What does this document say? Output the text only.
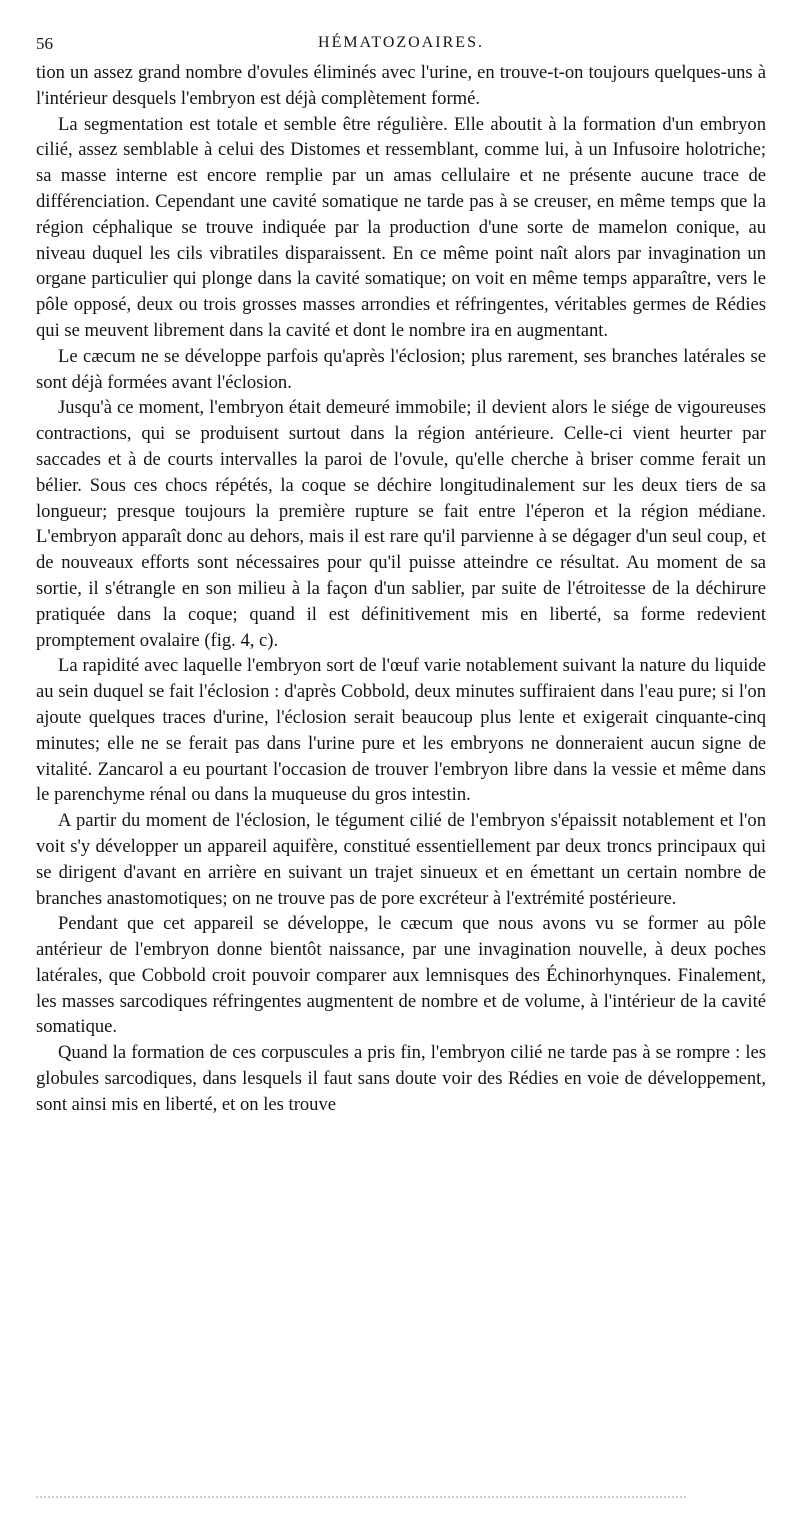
56	HÉMATOZOAIRES.

tion un assez grand nombre d'ovules éliminés avec l'urine, en trouve-t-on toujours quelques-uns à l'intérieur desquels l'embryon est déjà complètement formé.

La segmentation est totale et semble être régulière. Elle aboutit à la formation d'un embryon cilié, assez semblable à celui des Distomes et ressemblant, comme lui, à un Infusoire holotriche; sa masse interne est encore remplie par un amas cellulaire et ne présente aucune trace de différenciation. Cependant une cavité somatique ne tarde pas à se creuser, en même temps que la région céphalique se trouve indiquée par la production d'une sorte de mamelon conique, au niveau duquel les cils vibratiles disparaissent. En ce même point naît alors par invagination un organe particulier qui plonge dans la cavité somatique; on voit en même temps apparaître, vers le pôle opposé, deux ou trois grosses masses arrondies et réfringentes, véritables germes de Rédies qui se meuvent librement dans la cavité et dont le nombre ira en augmentant.

Le cæcum ne se développe parfois qu'après l'éclosion; plus rarement, ses branches latérales se sont déjà formées avant l'éclosion.

Jusqu'à ce moment, l'embryon était demeuré immobile; il devient alors le siége de vigoureuses contractions, qui se produisent surtout dans la région antérieure. Celle-ci vient heurter par saccades et à de courts intervalles la paroi de l'ovule, qu'elle cherche à briser comme ferait un bélier. Sous ces chocs répétés, la coque se déchire longitudinalement sur les deux tiers de sa longueur; presque toujours la première rupture se fait entre l'éperon et la région médiane. L'embryon apparaît donc au dehors, mais il est rare qu'il parvienne à se dégager d'un seul coup, et de nouveaux efforts sont nécessaires pour qu'il puisse atteindre ce résultat. Au moment de sa sortie, il s'étrangle en son milieu à la façon d'un sablier, par suite de l'étroitesse de la déchirure pratiquée dans la coque; quand il est définitivement mis en liberté, sa forme redevient promptement ovalaire (fig. 4, c).

La rapidité avec laquelle l'embryon sort de l'œuf varie notablement suivant la nature du liquide au sein duquel se fait l'éclosion : d'après Cobbold, deux minutes suffiraient dans l'eau pure; si l'on ajoute quelques traces d'urine, l'éclosion serait beaucoup plus lente et exigerait cinquante-cinq minutes; elle ne se ferait pas dans l'urine pure et les embryons ne donneraient aucun signe de vitalité. Zancarol a eu pourtant l'occasion de trouver l'embryon libre dans la vessie et même dans le parenchyme rénal ou dans la muqueuse du gros intestin.

A partir du moment de l'éclosion, le tégument cilié de l'embryon s'épaissit notablement et l'on voit s'y développer un appareil aquifère, constitué essentiellement par deux troncs principaux qui se dirigent d'avant en arrière en suivant un trajet sinueux et en émettant un certain nombre de branches anastomotiques; on ne trouve pas de pore excréteur à l'extrémité postérieure.

Pendant que cet appareil se développe, le cæcum que nous avons vu se former au pôle antérieur de l'embryon donne bientôt naissance, par une invagination nouvelle, à deux poches latérales, que Cobbold croit pouvoir comparer aux lemnisques des Échinorhynques. Finalement, les masses sarcodiques réfringentes augmentent de nombre et de volume, à l'intérieur de la cavité somatique.

Quand la formation de ces corpuscules a pris fin, l'embryon cilié ne tarde pas à se rompre : les globules sarcodiques, dans lesquels il faut sans doute voir des Rédies en voie de développement, sont ainsi mis en liberté, et on les trouve
